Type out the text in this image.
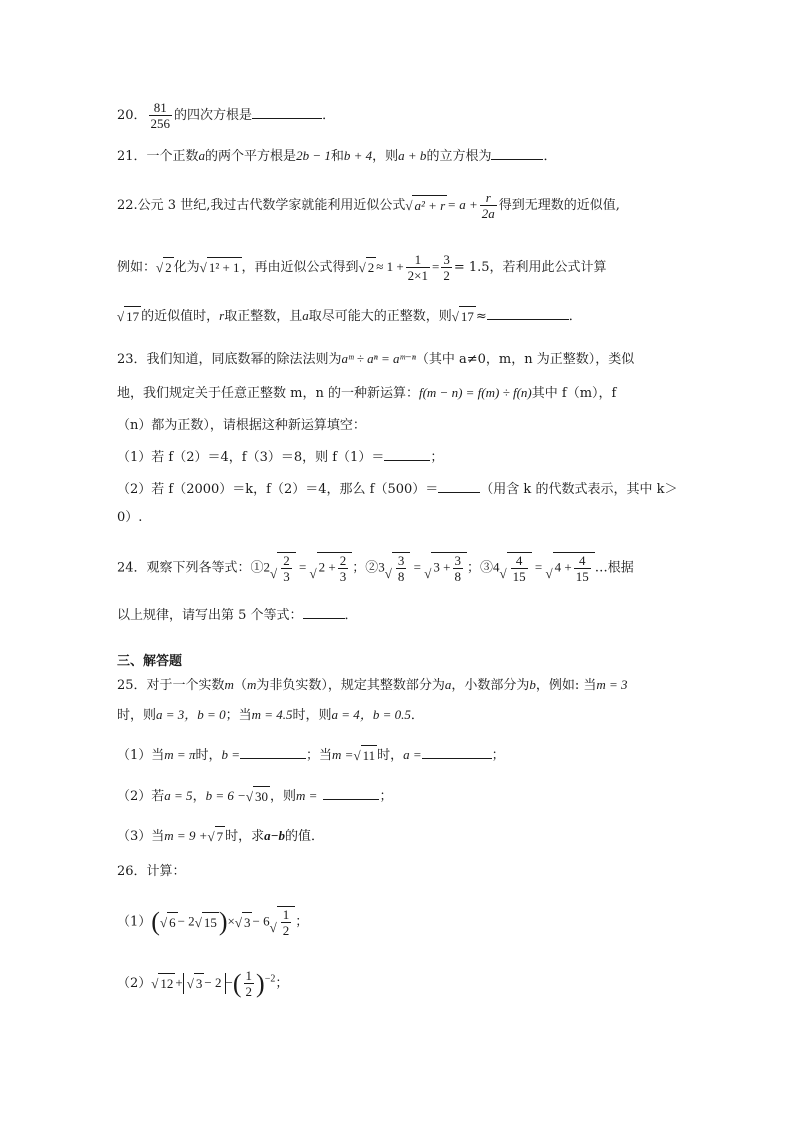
20． $\frac{81}{256}$ 的四次方根是	．
21．一个正数a的两个平方根是2b − 1和b + 4，则a + b的立方根为	．
22.公元 3 世纪,我过古代数学家就能利用近似公式√ $a^2 + r = a + \frac{r}{2a}$ 得到无理数的近似值,
例如：√ 2 化为√ 1² + 1 ，再由近似公式得到√ $2 \approx 1 + \frac{1}{2\times 1} = \frac{3}{2} = 1.5$，若利用此公式计算
√ 17 的近似值时，r取正整数，且a取尽可能大的正整数，则√ 17 ≈	．
23．我们知道，同底数幂的除法法则为aᵐ ÷ aⁿ = aᵐ⁻ⁿ（其中 a≠0，m，n 为正整数），类似
地，我们规定关于任意正整数 m，n 的一种新运算：f(m − n) = f(m) ÷ f(n)其中 f（m），f
（n）都为正数），请根据这种新运算填空：
（1）若 f（2）＝4，f（3）＝8，则 f（1）＝	；
（2）若 f（2000）＝k，f（2）＝4，那么 f（500）＝	（用含 k 的代数式表示，其中 k＞
0）.
24．观察下列各等式：①2√ $\frac{2}{3}$ = √ $2 + \frac{2}{3}$ ；②3√ $\frac{3}{8}$ = √ $3 + \frac{3}{8}$ ；③4√ $\frac{4}{15}$ = √ $4 + \frac{4}{15}$ …根据
以上规律，请写出第 5 个等式：	．
三、解答题
25．对于一个实数m（m为非负实数），规定其整数部分为a，小数部分为b，例如: 当m = 3
时，则a = 3，b = 0；当m = 4.5时，则a = 4，b = 0.5．
（1）当m = π时，b =	；当m =√ 11 时，a =	；
（2）若a = 5，b = 6 −√ 30 ，则m =	；
（3）当m = 9 +√ 7 时，求a−b的值．
26．计算：
（1）(√ 6 − 2√ 15)×√ $3 - 6√ \frac{1}{2}$ ；
（2）√ 12 + √ 3 − 2 −( $\frac{1}{2} )^{-2}$；
